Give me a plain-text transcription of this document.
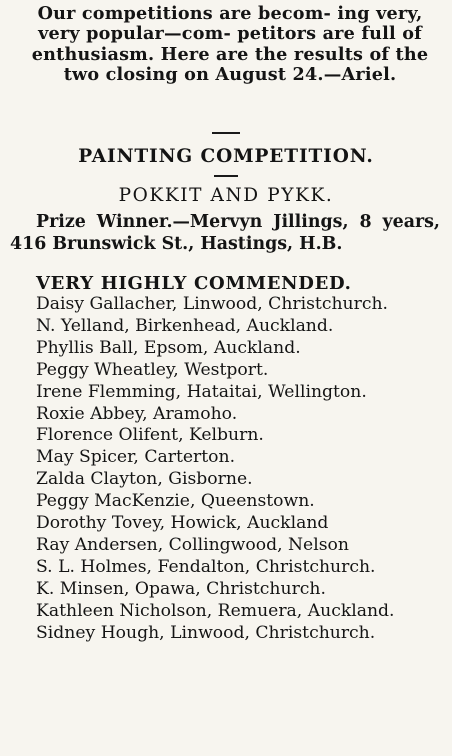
Our competitions are becom- ing very, very popular—com- petitors are full of enthusiasm. Here are the results of the two closing on August 24.—Ariel.
PAINTING COMPETITION.
POKKIT AND PYKK.
Prize Winner.—Mervyn Jillings, 8 years, 416 Brunswick St., Hastings, H.B.
VERY HIGHLY COMMENDED.
Daisy Gallacher, Linwood, Christchurch.
N. Yelland, Birkenhead, Auckland.
Phyllis Ball, Epsom, Auckland.
Peggy Wheatley, Westport.
Irene Flemming, Hataitai, Wellington.
Roxie Abbey, Aramoho.
Florence Olifent, Kelburn.
May Spicer, Carterton.
Zalda Clayton, Gisborne.
Peggy MacKenzie, Queenstown.
Dorothy Tovey, Howick, Auckland
Ray Andersen, Collingwood, Nelson
S. L. Holmes, Fendalton, Christchurch.
K. Minsen, Opawa, Christchurch.
Kathleen Nicholson, Remuera, Auckland.
Sidney Hough, Linwood, Christchurch.
